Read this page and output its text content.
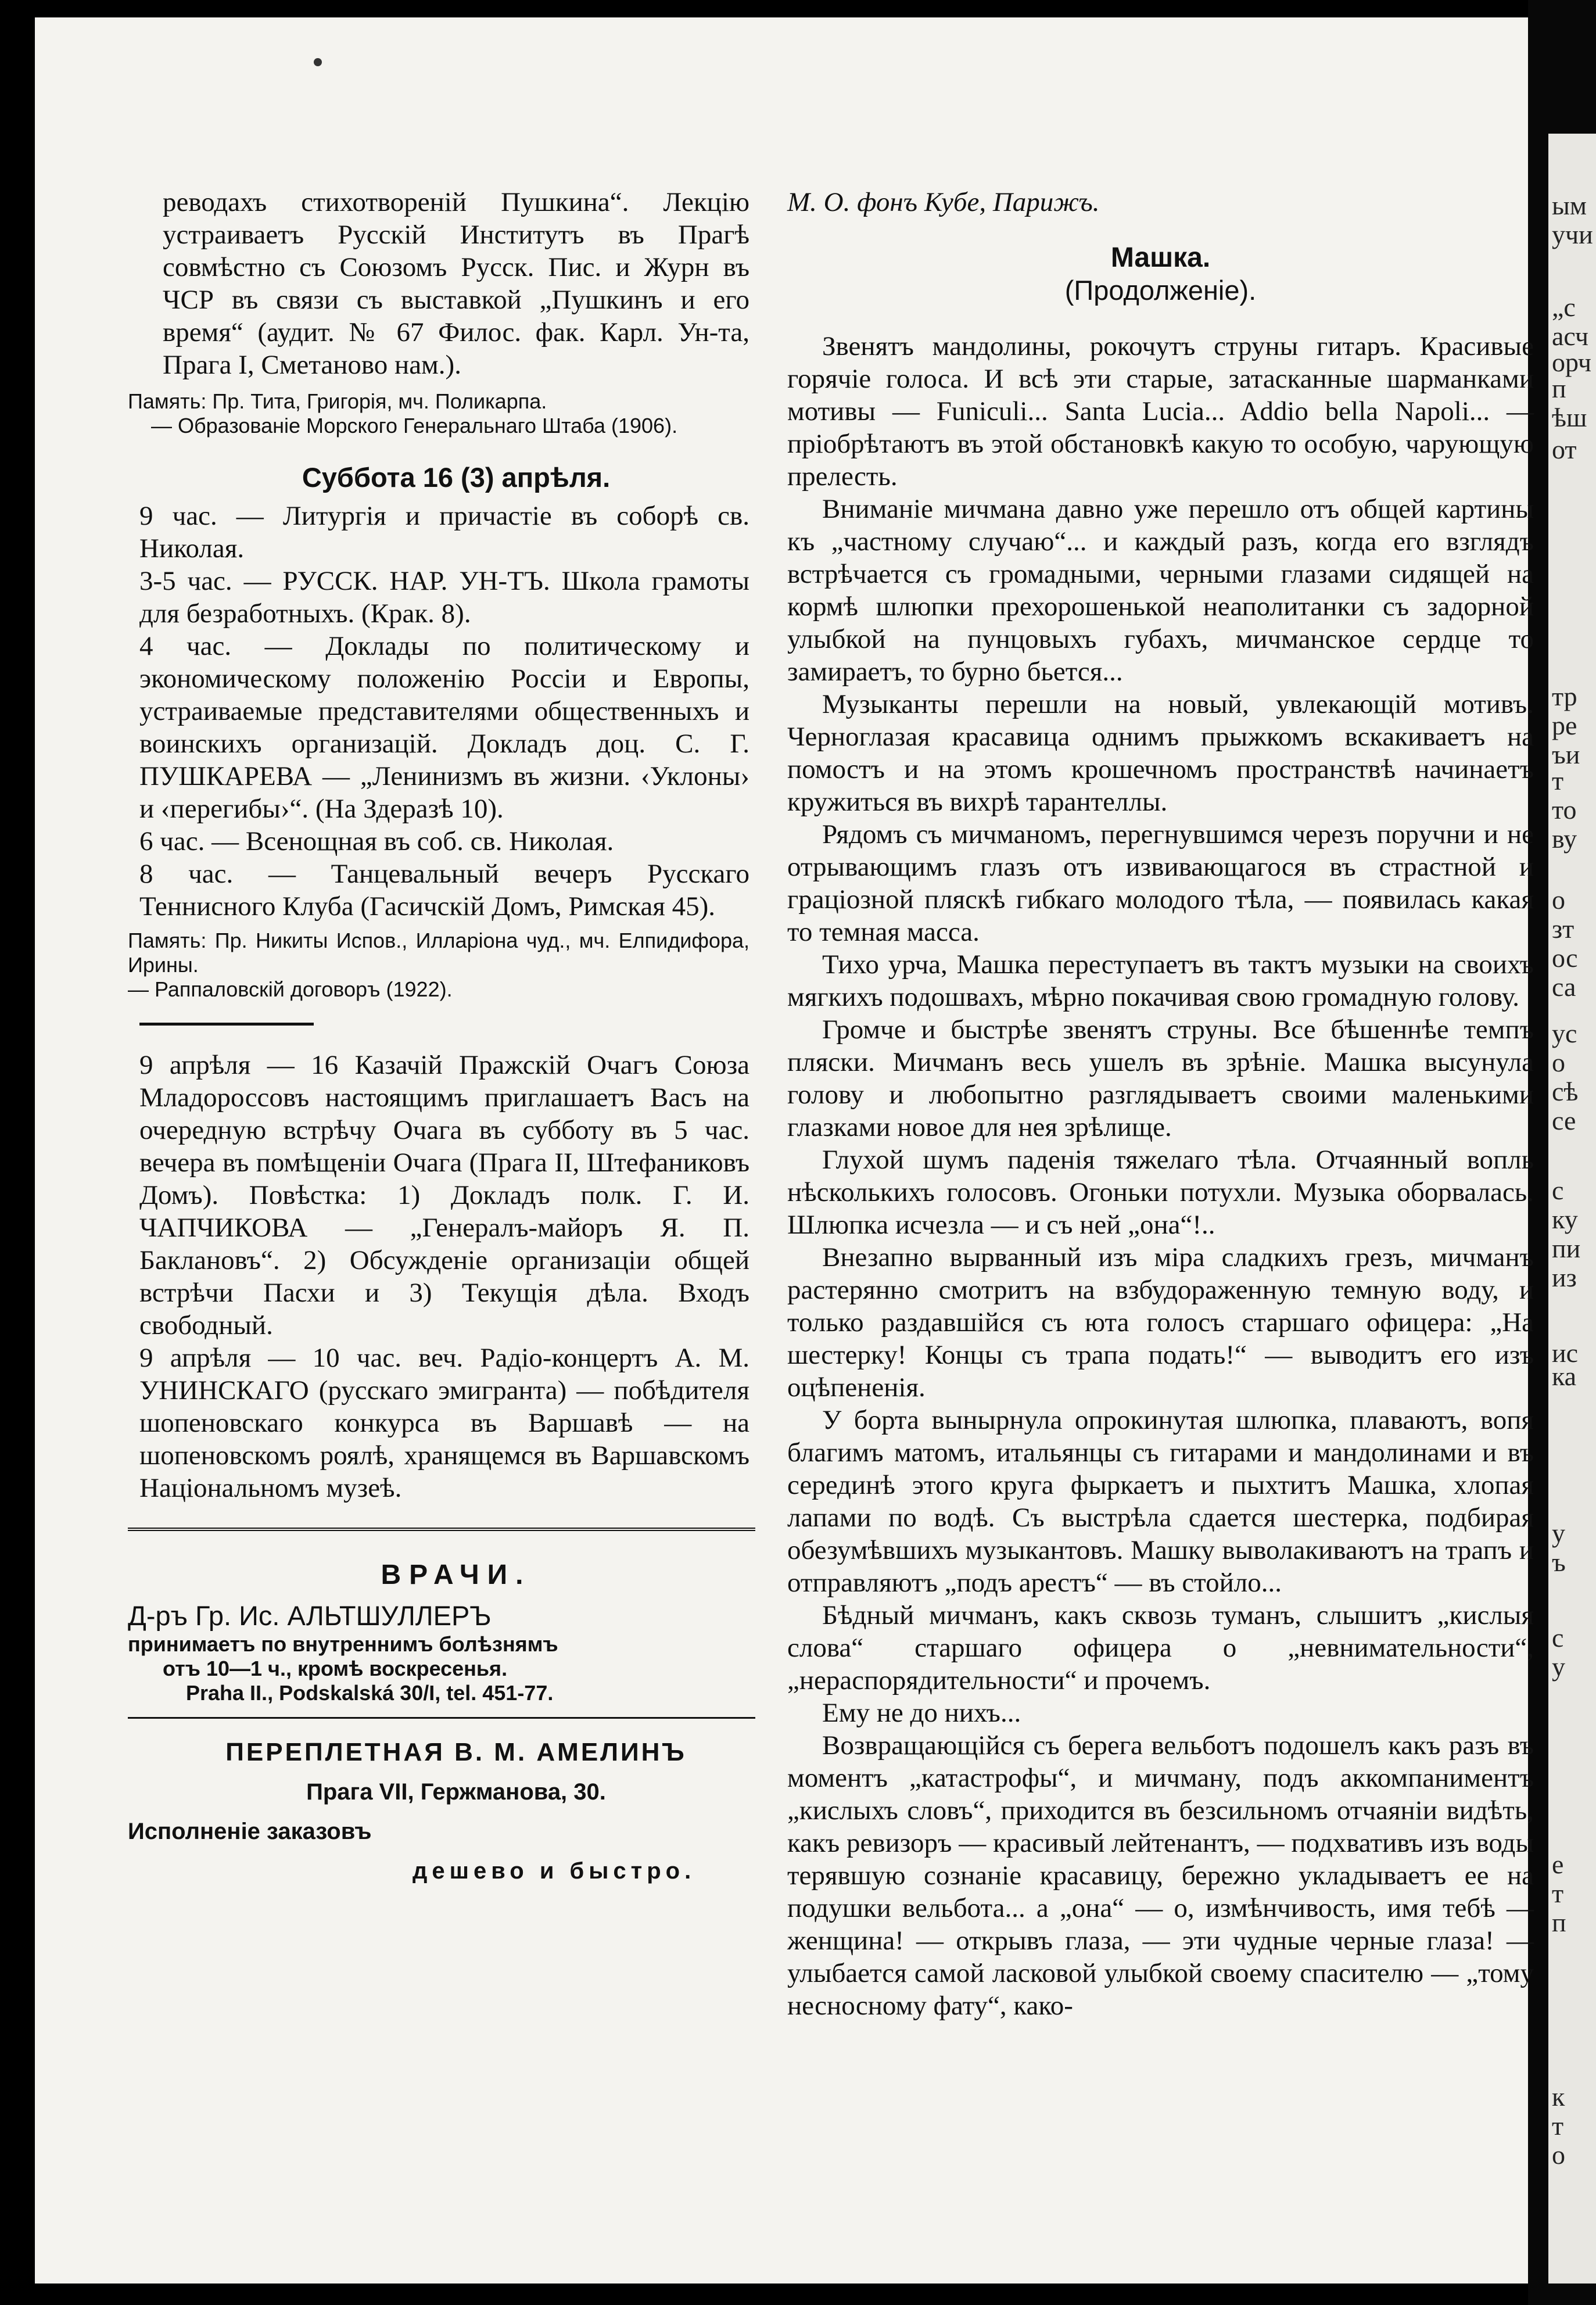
ым
учи
„с
асч
орч
п
ѣш
от
тр
ре
ъи
т
то
ву
о
зт
ос
са
ус
о
сѣ
се
с
ку
пи
из
ис
ка
у
ъ
с
у
е
т
п
к
т
о

реводахъ стихотвореній Пушкина“. Лекцію устраиваетъ Русскій Институтъ въ Прагѣ совмѣстно съ Союзомъ Русск. Пис. и Журн въ ЧСР въ связи съ выставкой „Пушкинъ и его время“ (аудит. № 67 Филос. фак. Карл. Ун-та, Прага I, Сметаново нам.).

Память: Пр. Тита, Григорія, мч. Поликарпа.

— Образованіе Морского Генеральнаго Штаба (1906).

Суббота 16 (3) апрѣля.

9 час. — Литургія и причастіе въ соборѣ св. Николая.

3-5 час. — РУСCК. НАР. УН-ТЪ. Школа грамоты для безработныхъ. (Крак. 8).

4 час. — Доклады по политическому и экономическому положенію Россіи и Европы, устраиваемые представителями общественныхъ и воинскихъ организацій. Докладъ доц. С. Г. ПУШКАРЕВА — „Ленинизмъ въ жизни. ‹Уклоны› и ‹перегибы›“. (На Здеразѣ 10).

6 час. — Всенощная въ соб. св. Николая.

8 час. — Танцевальный вечеръ Русскаго Теннисного Клуба (Гасичскій Домъ, Римская 45).

Память: Пр. Никиты Испов., Илларіона чуд., мч. Елпидифора, Ирины.

— Раппаловскій договоръ (1922).

9 апрѣля — 16 Казачій Пражскій Очагъ Союза Младороссовъ настоящимъ приглашаетъ Васъ на очередную встрѣчу Очага въ субботу въ 5 час. вечера въ помѣщеніи Очага (Прага II, Штефаниковъ Домъ). Повѣстка: 1) Докладъ полк. Г. И. ЧАПЧИКОВА — „Генералъ-майоръ Я. П. Баклановъ“. 2) Обсужденіе организаціи общей встрѣчи Пасхи и 3) Текущія дѣла. Входъ свободный.

9 апрѣля — 10 час. веч. Радіо-концертъ А. М. УНИНСКАГО (русскаго эмигранта) — побѣдителя шопеновскаго конкурса въ Варшавѣ — на шопеновскомъ роялѣ, хранящемся въ Варшавскомъ Національномъ музеѣ.

ВРАЧИ.

Д-ръ Гр. Ис. АЛЬТШУЛЛЕРЪ

принимаетъ по внутреннимъ болѣзнямъ

отъ 10—1 ч., кромѣ воскресенья.

Praha II., Podskalská 30/I, tel. 451-77.

ПЕРЕПЛЕТНАЯ В. М. АМЕЛИНЪ

Прага VII, Гержманова, 30.

Исполненіе заказовъ

дешево и быстро.

М. О. фонъ Кубе, Парижъ.

Машка.

(Продолженіе).

Звенятъ мандолины, рокочутъ струны гитаръ. Красивые горячіе голоса. И всѣ эти старые, затасканные шарманками мотивы — Funiculi... Santa Lucia... Addio bella Napoli... — пріобрѣтаютъ въ этой обстановкѣ какую то особую, чарующую прелесть.

Вниманіе мичмана давно уже перешло отъ общей картины къ „частному случаю“... и каждый разъ, когда его взглядъ встрѣчается съ громадными, черными глазами сидящей на кормѣ шлюпки прехорошенькой неаполитанки съ задорной улыбкой на пунцовыхъ губахъ, мичманское сердце то замираетъ, то бурно бьется...

Музыканты перешли на новый, увлекающій мотивъ. Черноглазая красавица однимъ прыжкомъ вскакиваетъ на помостъ и на этомъ крошечномъ пространствѣ начинаетъ кружиться въ вихрѣ тарантеллы.

Рядомъ съ мичманомъ, перегнувшимся черезъ поручни и не отрывающимъ глазъ отъ извивающагося въ страстной и граціозной пляскѣ гибкаго молодого тѣла, — появилась какая то темная масса.

Тихо урча, Машка переступаетъ въ тактъ музыки на своихъ мягкихъ подошвахъ, мѣрно покачивая свою громадную голову.

Громче и быстрѣе звенятъ струны. Все бѣшеннѣе темпъ пляски. Мичманъ весь ушелъ въ зрѣніе. Машка высунула голову и любопытно разглядываетъ своими маленькими глазками новое для нея зрѣлище.

Глухой шумъ паденія тяжелаго тѣла. Отчаянный вопль нѣсколькихъ голосовъ. Огоньки потухли. Музыка оборвалась. Шлюпка исчезла — и съ ней „она“!..

Внезапно вырванный изъ міра сладкихъ грезъ, мичманъ растерянно смотритъ на взбудораженную темную воду, и только раздавшійся съ юта голосъ старшаго офицера: „На шестерку! Концы съ трапа подать!“ — выводитъ его изъ оцѣпененія.

У борта вынырнула опрокинутая шлюпка, плаваютъ, вопя благимъ матомъ, итальянцы съ гитарами и мандолинами и въ серединѣ этого круга фыркаетъ и пыхтитъ Машка, хлопая лапами по водѣ. Съ выстрѣла сдается шестерка, подбирая обезумѣвшихъ музыкантовъ. Машку выволакиваютъ на трапъ и отправляютъ „подъ арестъ“ — въ стойло...

Бѣдный мичманъ, какъ сквозь туманъ, слышитъ „кислыя слова“ старшаго офицера о „невнимательности“, „нераспорядительности“ и прочемъ.

Ему не до нихъ...

Возвращающійся съ берега вельботъ подошелъ какъ разъ въ моментъ „катастрофы“, и мичману, подъ аккомпаниментъ „кислыхъ словъ“, приходится въ безсильномъ отчаяніи видѣть, какъ ревизоръ — красивый лейтенантъ, — подхвативъ изъ воды терявшую сознаніе красавицу, бережно укладываетъ ее на подушки вельбота... а „она“ — о, измѣнчивость, имя тебѣ — женщина! — открывъ глаза, — эти чудные черные глаза! — улыбается самой ласковой улыбкой своему спасителю — „тому несносному фату“, како-
